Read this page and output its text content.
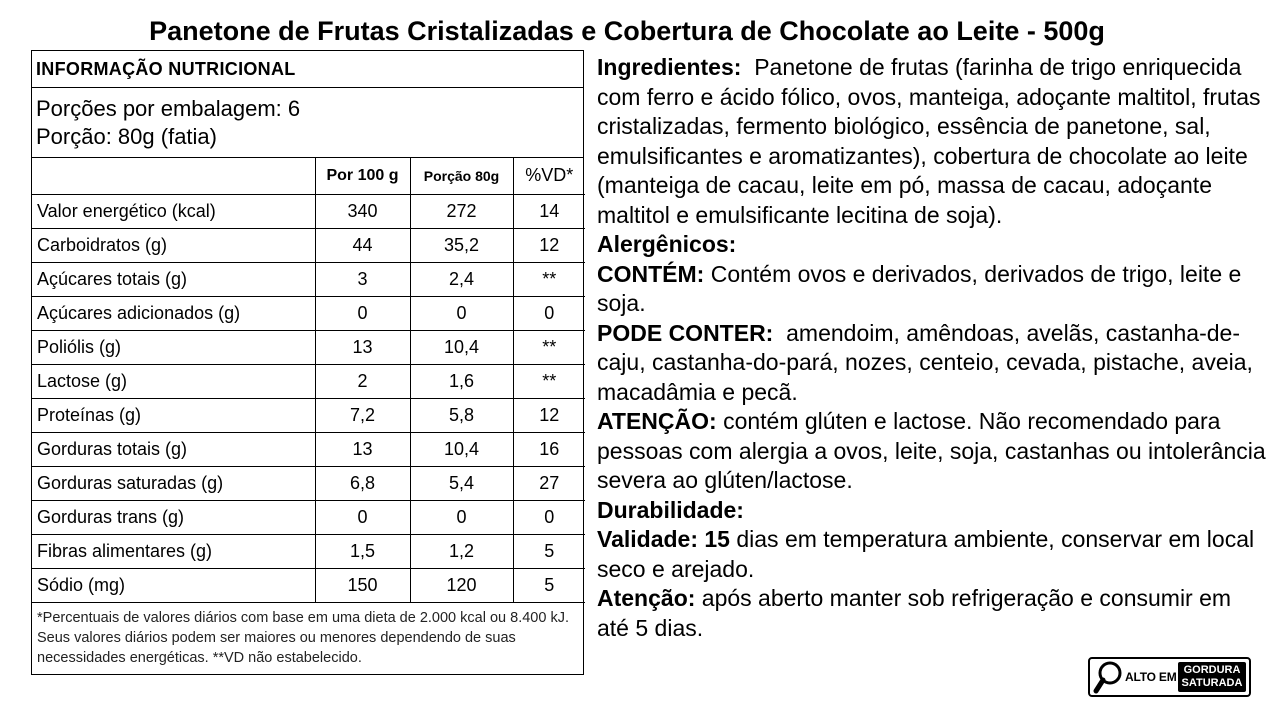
Panetone de Frutas Cristalizadas e Cobertura de Chocolate ao Leite - 500g
INFORMAÇÃO NUTRICIONAL
Porções por embalagem: 6
Porção: 80g (fatia)
	Por 100 g	Porção 80g	%VD*
Valor energético (kcal)	340	272	14
Carboidratos (g)	44	35,2	12
Açúcares totais (g)	3	2,4	**
Açúcares adicionados (g)	0	0	0
Poliólis (g)	13	10,4	**
Lactose (g)	2	1,6	**
Proteínas (g)	7,2	5,8	12
Gorduras totais (g)	13	10,4	16
Gorduras saturadas (g)	6,8	5,4	27
Gorduras trans (g)	0	0	0
Fibras alimentares (g)	1,5	1,2	5
Sódio (mg)	150	120	5
*Percentuais de valores diários com base em uma dieta de 2.000 kcal ou 8.400 kJ. Seus valores diários podem ser maiores ou menores dependendo de suas necessidades energéticas. **VD não estabelecido.

Ingredientes: Panetone de frutas (farinha de trigo enriquecida com ferro e ácido fólico, ovos, manteiga, adoçante maltitol, frutas cristalizadas, fermento biológico, essência de panetone, sal, emulsificantes e aromatizantes), cobertura de chocolate ao leite (manteiga de cacau, leite em pó, massa de cacau, adoçante maltitol e emulsificante lecitina de soja).

Alergênicos:

CONTÉM: Contém ovos e derivados, derivados de trigo, leite e soja.

PODE CONTER: amendoim, amêndoas, avelãs, castanha-de-caju, castanha-do-pará, nozes, centeio, cevada, pistache, aveia, macadâmia e pecã.

ATENÇÃO: contém glúten e lactose. Não recomendado para pessoas com alergia a ovos, leite, soja, castanhas ou intolerância severa ao glúten/lactose.

Durabilidade:

Validade: 15 dias em temperatura ambiente, conservar em local seco e arejado.

Atenção: após aberto manter sob refrigeração e consumir em até 5 dias.

ALTO EM GORDURA
SATURADA
